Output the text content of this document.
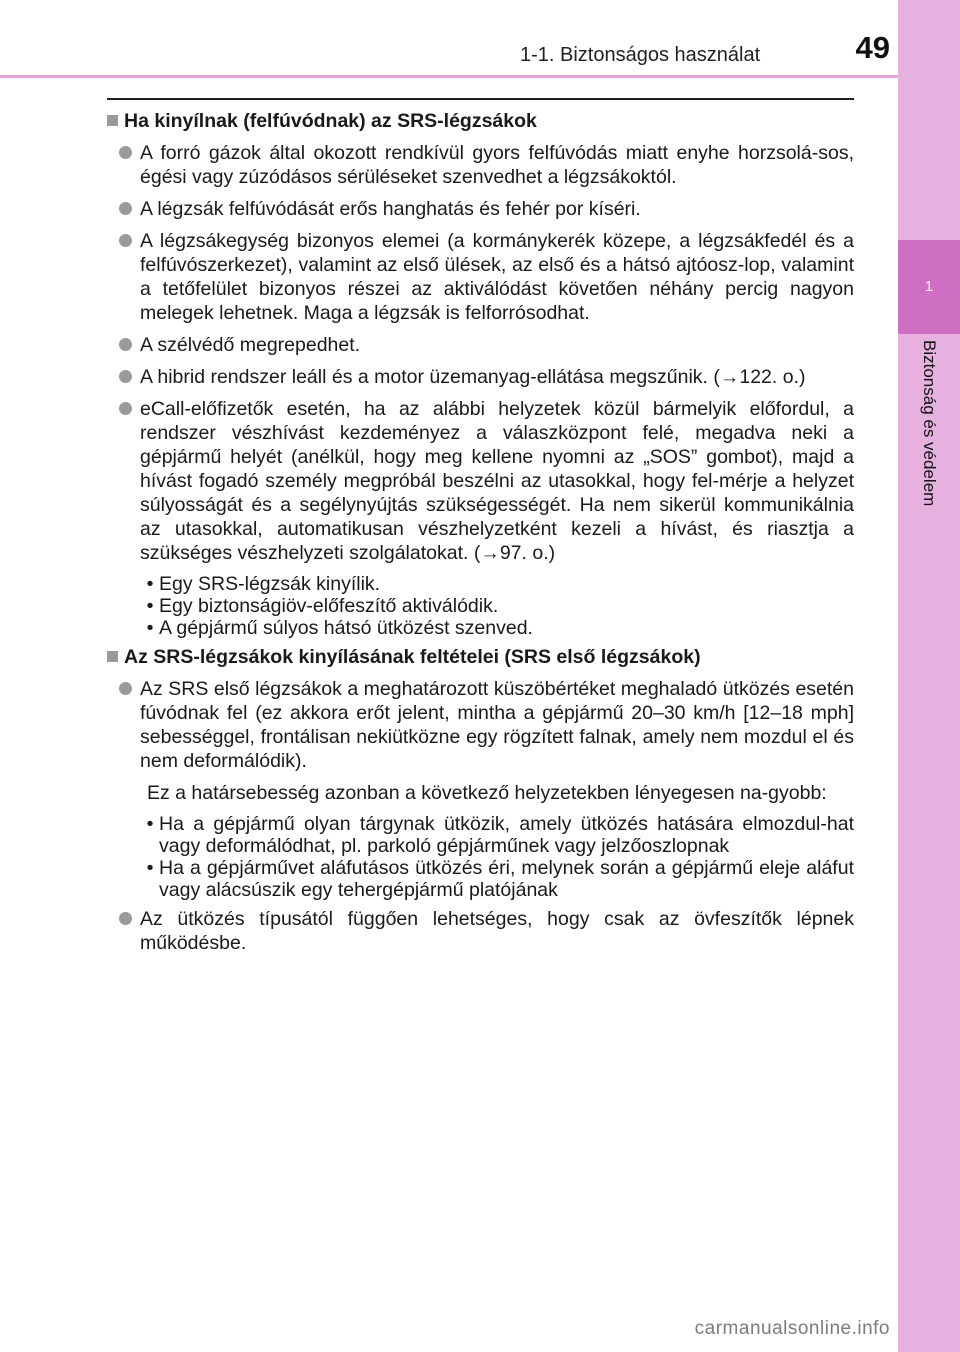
1-1. Biztonságos használat	49
1
Biztonság és védelem
Ha kinyílnak (felfúvódnak) az SRS-légzsákok
A forró gázok által okozott rendkívül gyors felfúvódás miatt enyhe horzsolá-sos, égési vagy zúzódásos sérüléseket szenvedhet a légzsákoktól.
A légzsák felfúvódását erős hanghatás és fehér por kíséri.
A légzsákegység bizonyos elemei (a kormánykerék közepe, a légzsákfedél és a felfúvószerkezet), valamint az első ülések, az első és a hátsó ajtóosz-lop, valamint a tetőfelület bizonyos részei az aktiválódást követően néhány percig nagyon melegek lehetnek. Maga a légzsák is felforrósodhat.
A szélvédő megrepedhet.
A hibrid rendszer leáll és a motor üzemanyag-ellátása megszűnik. (→122. o.)
eCall-előfizetők esetén, ha az alábbi helyzetek közül bármelyik előfordul, a rendszer vészhívást kezdeményez a válaszközpont felé, megadva neki a gépjármű helyét (anélkül, hogy meg kellene nyomni az „SOS” gombot), majd a hívást fogadó személy megpróbál beszélni az utasokkal, hogy fel-mérje a helyzet súlyosságát és a segélynyújtás szükségességét. Ha nem sikerül kommunikálnia az utasokkal, automatikusan vészhelyzetként kezeli a hívást, és riasztja a szükséges vészhelyzeti szolgálatokat. (→97. o.)
• Egy SRS-légzsák kinyílik.
• Egy biztonságiöv-előfeszítő aktiválódik.
• A gépjármű súlyos hátsó ütközést szenved.
Az SRS-légzsákok kinyílásának feltételei (SRS első légzsákok)
Az SRS első légzsákok a meghatározott küszöbértéket meghaladó ütközés esetén fúvódnak fel (ez akkora erőt jelent, mintha a gépjármű 20–30 km/h [12–18 mph] sebességgel, frontálisan nekiütközne egy rögzített falnak, amely nem mozdul el és nem deformálódik).
Ez a határsebesség azonban a következő helyzetekben lényegesen na-gyobb:
• Ha a gépjármű olyan tárgynak ütközik, amely ütközés hatására elmozdul-hat vagy deformálódhat, pl. parkoló gépjárműnek vagy jelzőoszlopnak
• Ha a gépjárművet aláfutásos ütközés éri, melynek során a gépjármű eleje aláfut vagy alácsúszik egy tehergépjármű platójának
Az ütközés típusától függően lehetséges, hogy csak az övfeszítők lépnek működésbe.
carmanualsonline.info
